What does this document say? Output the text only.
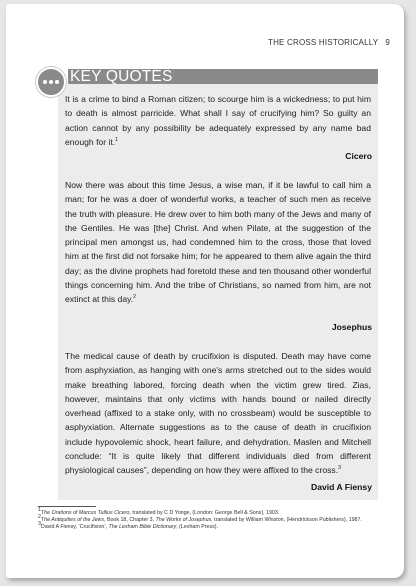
THE CROSS HISTORICALLY 9
KEY QUOTES
It is a crime to bind a Roman citizen; to scourge him is a wickedness; to put him to death is almost parricide. What shall I say of crucifying him? So guilty an action cannot by any possibility be adequately expressed by any name bad enough for it.$^1$
Cicero
Now there was about this time Jesus, a wise man, if it be lawful to call him a man; for he was a doer of wonderful works, a teacher of such men as receive the truth with pleasure. He drew over to him both many of the Jews and many of the Gentiles. He was [the] Christ. And when Pilate, at the suggestion of the principal men amongst us, had condemned him to the cross, those that loved him at the first did not forsake him; for he appeared to them alive again the third day; as the divine prophets had foretold these and ten thousand other wonderful things concerning him. And the tribe of Christians, so named from him, are not extinct at this day.$^2$
Josephus
The medical cause of death by crucifixion is disputed. Death may have come from asphyxiation, as hanging with one's arms stretched out to the sides would make breathing labored, forcing death when the victim grew tired. Zias, however, maintains that only victims with hands bound or nailed directly overhead (affixed to a stake only, with no crossbeam) would be susceptible to asphyxiation. Alternate suggestions as to the cause of death in crucifixion include hypovolemic shock, heart failure, and dehydration. Maslen and Mitchell conclude: “It is quite likely that different individuals died from different physiological causes”, depending on how they were affixed to the cross.$^3$
David A Fiensy

$^1$The Orations of Marcus Tullius Cicero, translated by C D Yonge, (London: George Bell & Sons), 1903.

$^2$The Antiquities of the Jews, Book 18, Chapter 3, The Works of Josephus, translated by William Whiston, (Hendrickson Publishers), 1987.

$^3$David A Fiensy, ‘Crucifixion’, The Lexham Bible Dictionary, (Lexham Press).
